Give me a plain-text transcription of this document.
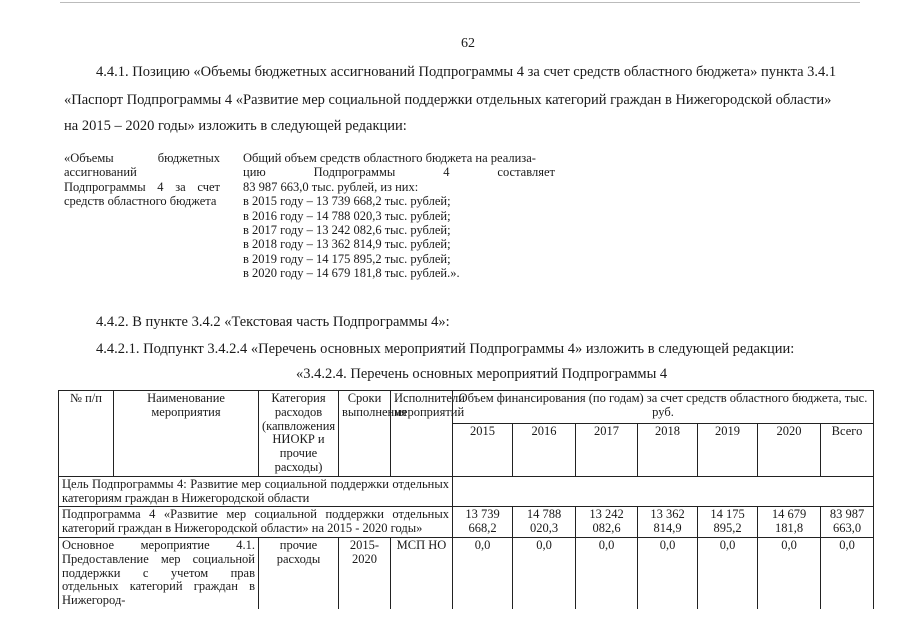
62
4.4.1. Позицию «Объемы бюджетных ассигнований Подпрограммы 4 за счет средств областного бюджета» пункта 3.4.1
«Паспорт Подпрограммы 4 «Развитие мер социальной поддержки отдельных категорий граждан в Нижегородской области»
на 2015 – 2020 годы» изложить в следующей редакции:
«Объемы бюджетных ассигнований Подпрограммы 4 за счет средств областного бюджета
Общий объем средств областного бюджета на реализа-
цию	Подпрограммы	4	составляет
83 987 663,0 тыс. рублей, из них:
в 2015 году – 13 739 668,2 тыс. рублей;
в 2016 году – 14 788 020,3 тыс. рублей;
в 2017 году – 13 242 082,6 тыс. рублей;
в 2018 году – 13 362 814,9 тыс. рублей;
в 2019 году – 14 175 895,2 тыс. рублей;
в 2020 году – 14 679 181,8 тыс. рублей.».
4.4.2. В пункте 3.4.2 «Текстовая часть Подпрограммы 4»:
4.4.2.1. Подпункт 3.4.2.4 «Перечень основных мероприятий Подпрограммы 4» изложить в следующей редакции:
«3.4.2.4. Перечень основных мероприятий Подпрограммы 4
№ п/п	Наименование мероприятия	Категория расходов (капвложения НИОКР и прочие расходы)	Сроки выполнения	Исполнители мероприятий	Объем финансирования (по годам) за счет средств областного бюджета, тыс. руб.						
					2015	2016	2017	2018	2019	2020	Всего
Цель Подпрограммы 4: Развитие мер социальной поддержки отдельных категориям граждан в Нижегородской области											
Подпрограмма 4 «Развитие мер социальной поддержки отдельных категорий граждан в Нижегородской области» на 2015 - 2020 годы»					13 739 668,2	14 788 020,3	13 242 082,6	13 362 814,9	14 175 895,2	14 679 181,8	83 987 663,0
Основное мероприятие 4.1. Предоставление мер социальной поддержки с учетом прав отдельных категорий граждан в Нижегород-		прочие расходы	2015-2020	МСП НО	0,0	0,0	0,0	0,0	0,0	0,0	0,0
